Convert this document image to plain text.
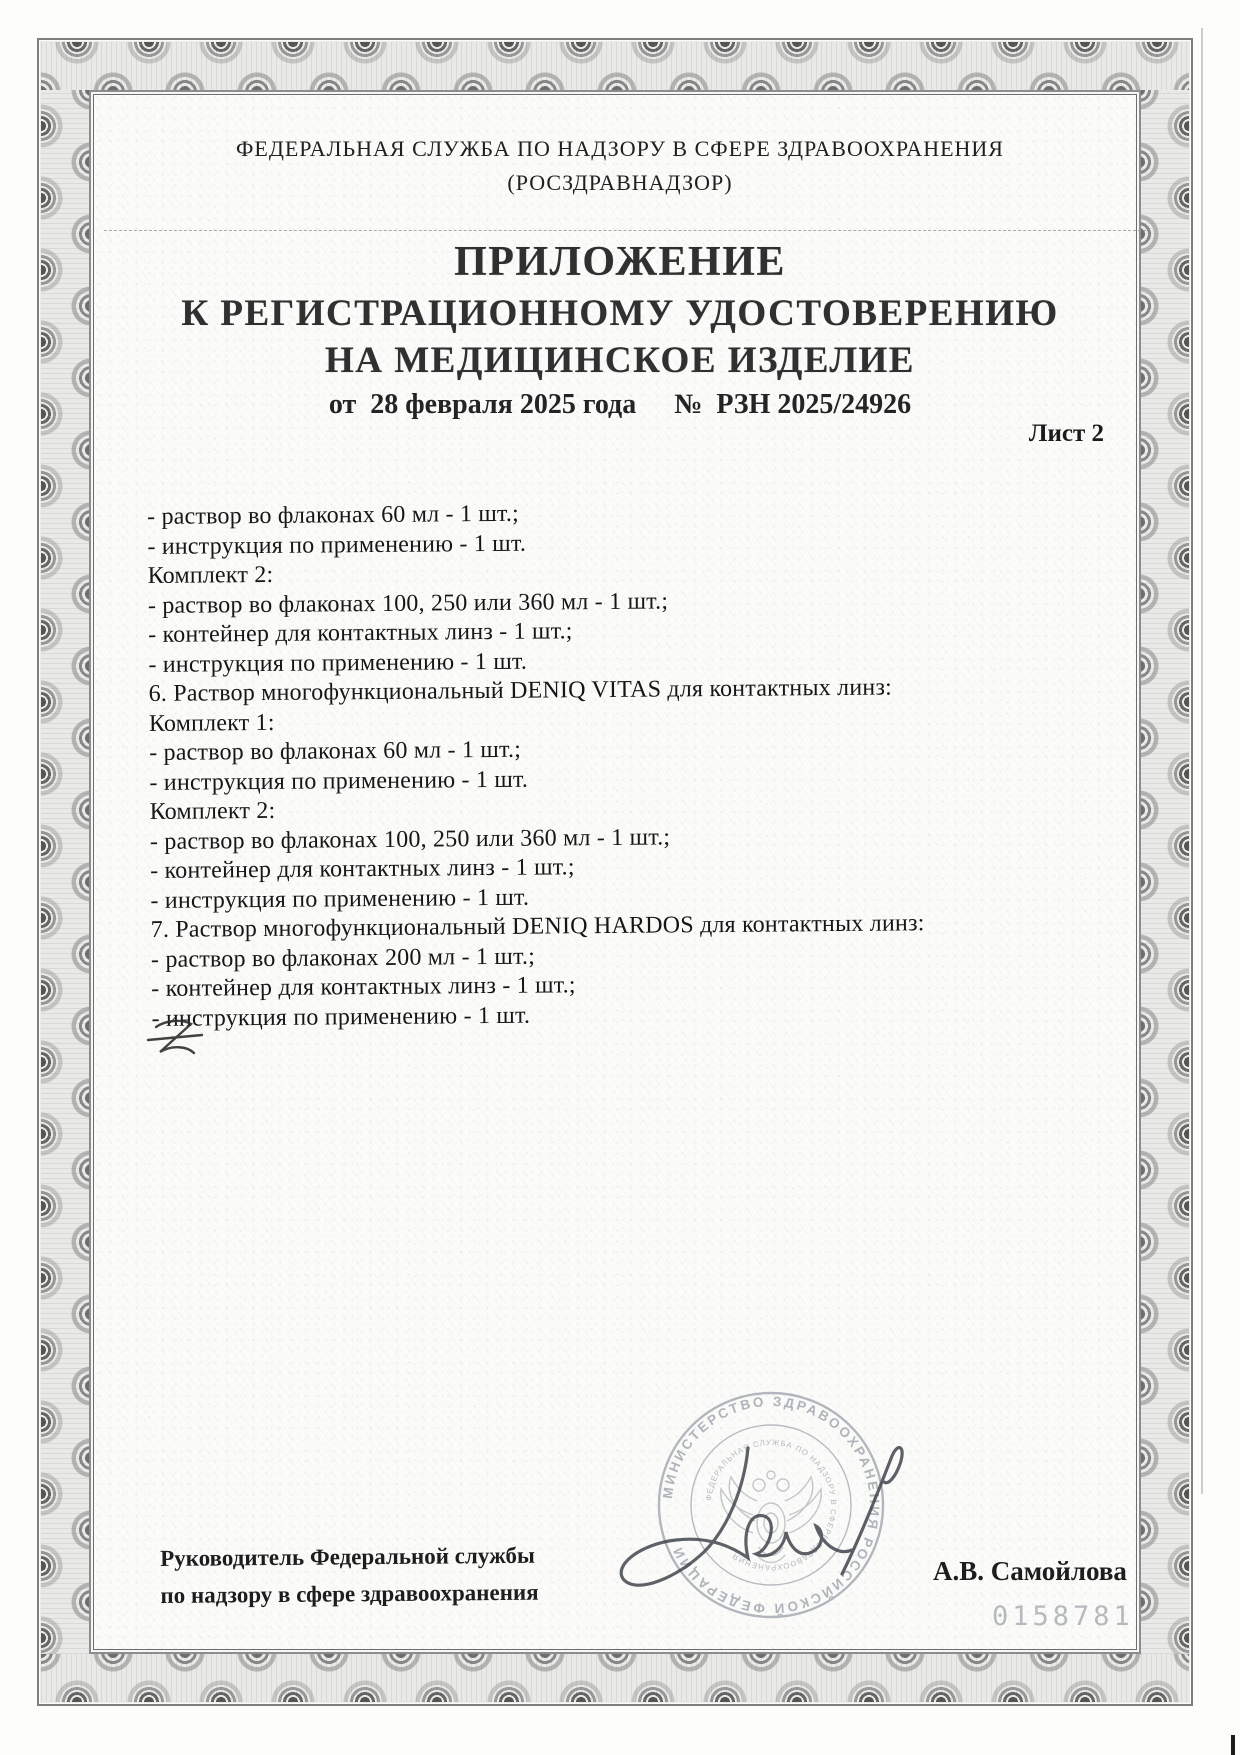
ФЕДЕРАЛЬНАЯ СЛУЖБА ПО НАДЗОРУ В СФЕРЕ ЗДРАВООХРАНЕНИЯ
(РОСЗДРАВНАДЗОР)
ПРИЛОЖЕНИЕ
К РЕГИСТРАЦИОННОМУ УДОСТОВЕРЕНИЮ
НА МЕДИЦИНСКОЕ ИЗДЕЛИЕ
от 28 февраля 2025 года № РЗН 2025/24926
Лист 2
- раствор во флаконах 60 мл - 1 шт.;
- инструкция по применению - 1 шт.
Комплект 2:
- раствор во флаконах 100, 250 или 360 мл - 1 шт.;
- контейнер для контактных линз - 1 шт.;
- инструкция по применению - 1 шт.
6. Раствор многофункциональный DENIQ VITAS для контактных линз:
Комплект 1:
- раствор во флаконах 60 мл - 1 шт.;
- инструкция по применению - 1 шт.
Комплект 2:
- раствор во флаконах 100, 250 или 360 мл - 1 шт.;
- контейнер для контактных линз - 1 шт.;
- инструкция по применению - 1 шт.
7. Раствор многофункциональный DENIQ HARDOS для контактных линз:
- раствор во флаконах 200 мл - 1 шт.;
- контейнер для контактных линз - 1 шт.;
- инструкция по применению - 1 шт.
МИНИСТЕРСТВО ЗДРАВООХРАНЕНИЯ РОССИЙСКОЙ ФЕДЕРАЦИИ
ФЕДЕРАЛЬНАЯ СЛУЖБА ПО НАДЗОРУ В СФЕРЕ ЗДРАВООХРАНЕНИЯ
Руководитель Федеральной службы
по надзору в сфере здравоохранения
А.В. Самойлова
0158781
